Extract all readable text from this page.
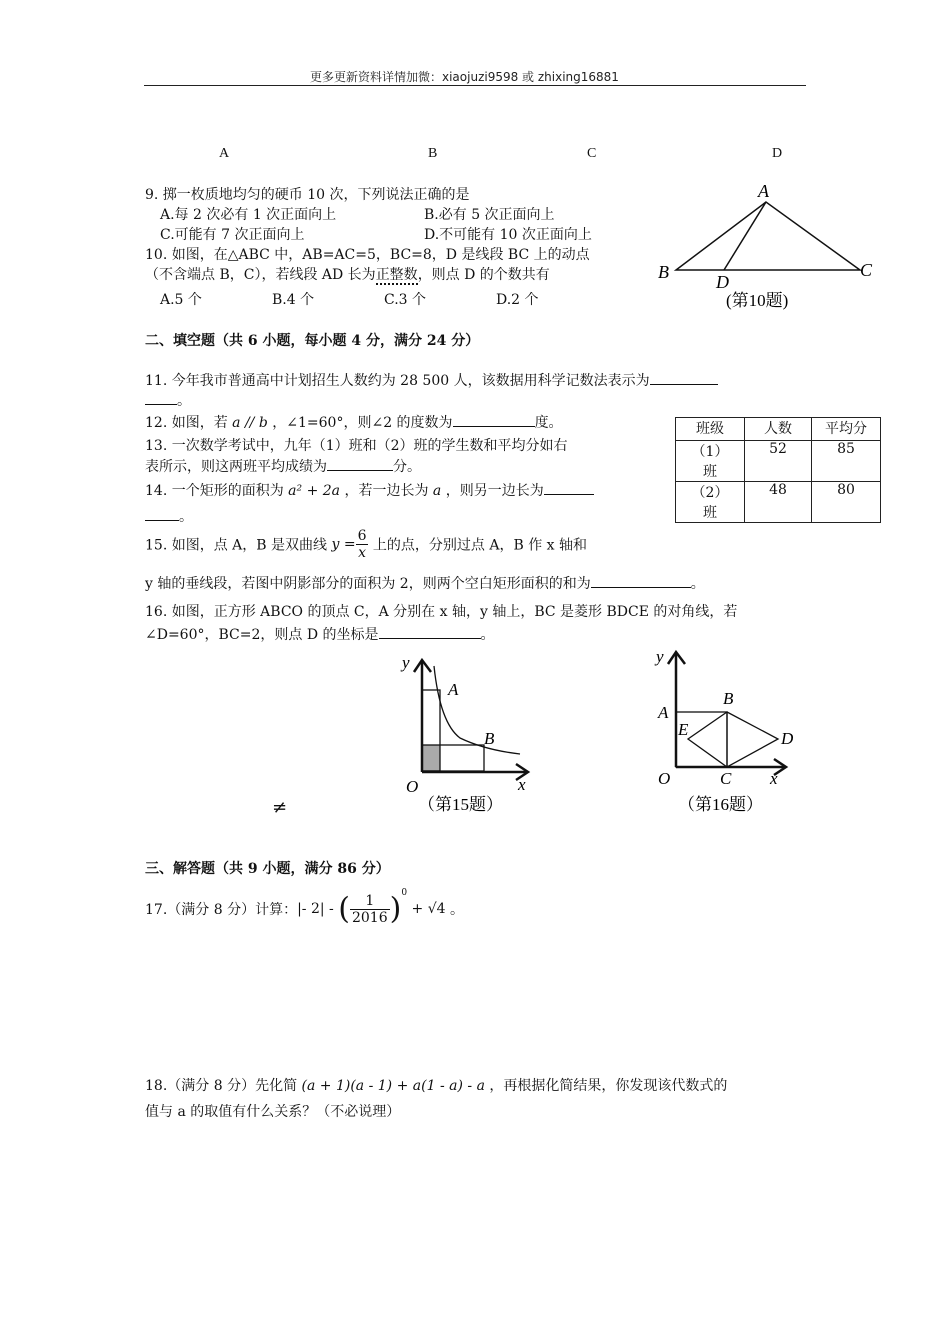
更多更新资料详情加微：xiaojuzi9598 或 zhixing16881
A	B	C	D
9. 掷一枚质地均匀的硬币 10 次，下列说法正确的是
A.每 2 次必有 1 次正面向上	B.必有 5 次正面向上
C.可能有 7 次正面向上	D.不可能有 10 次正面向上
10. 如图，在△ABC 中，AB=AC=5，BC=8，D 是线段 BC 上的动点
（不含端点 B，C），若线段 AD 长为正整数，则点 D 的个数共有
A.5 个	B.4 个	C.3 个	D.2 个
A
B	C
D
(第10题)
二、填空题（共 6 小题，每小题 4 分，满分 24 分）
11. 今年我市普通高中计划招生人数约为 28 500 人，该数据用科学记数法表示为
。
12. 如图，若 a // b ，∠1=60°，则∠2 的度数为	度。
13. 一次数学考试中，九年（1）班和（2）班的学生数和平均分如右
表所示，则这两班平均成绩为	分。
班级	人数	平均分

（1）
班	52	85

（2）
班	48	80
14. 一个矩形的面积为 a² + 2a ，若一边长为 a ，则另一边长为
。
15. 如图，点 A，B 是双曲线 $y = \frac{6}{x}$ 上的点，分别过点 A，B 作 x 轴和
y 轴的垂线段，若图中阴影部分的面积为 2，则两个空白矩形面积的和为	。
16. 如图，正方形 ABCO 的顶点 C，A 分别在 x 轴，y 轴上，BC 是菱形 BDCE 的对角线，若
∠D=60°，BC=2，则点 D 的坐标是	。
y
A
B
O	x
（第15题）
y
A
B
E	D
O	C x
（第16题）
≠
三、解答题（共 9 小题，满分 86 分）
17.（满分 8 分）计算：|- 2| - ( $\frac{1}{2016} )^0 + √4$ 。
18.（满分 8 分）先化简 (a + 1)(a - 1) + a(1 - a) - a ，再根据化简结果，你发现该代数式的
值与 a 的取值有什么关系？（不必说理）
